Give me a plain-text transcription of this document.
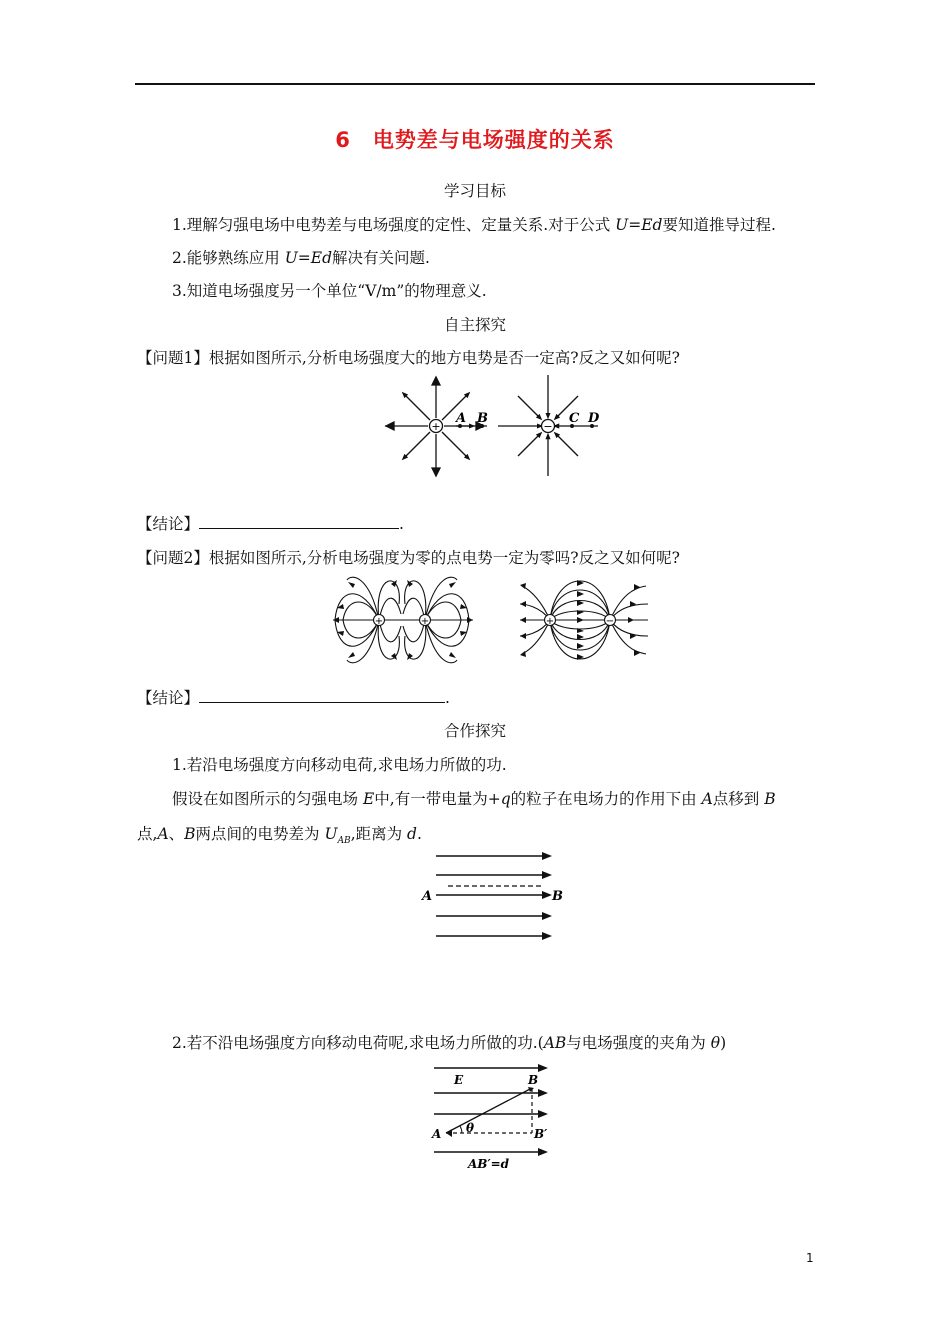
6 电势差与电场强度的关系
学习目标
1.理解匀强电场中电势差与电场强度的定性、定量关系.对于公式 U=Ed要知道推导过程.
2.能够熟练应用 U=Ed解决有关问题.
3.知道电场强度另一个单位“V/m”的物理意义.
自主探究
【问题1】根据如图所示,分析电场强度大的地方电势是否一定高?反之又如何呢?
+	−
A B	C D
【结论】	.
【问题2】根据如图所示,分析电场强度为零的点电势一定为零吗?反之又如何呢?
+	+	+	−
【结论】	.
合作探究
1.若沿电场强度方向移动电荷,求电场力所做的功.
假设在如图所示的匀强电场 E中,有一带电量为+q的粒子在电场力的作用下由 A点移到 B
点,A、B两点间的电势差为 $U_{AB}$,距离为 d.
A	B
2.若不沿电场强度方向移动电荷呢,求电场力所做的功.(AB与电场强度的夹角为 θ)
E	B
A	B′
θ
AB′=d
1
